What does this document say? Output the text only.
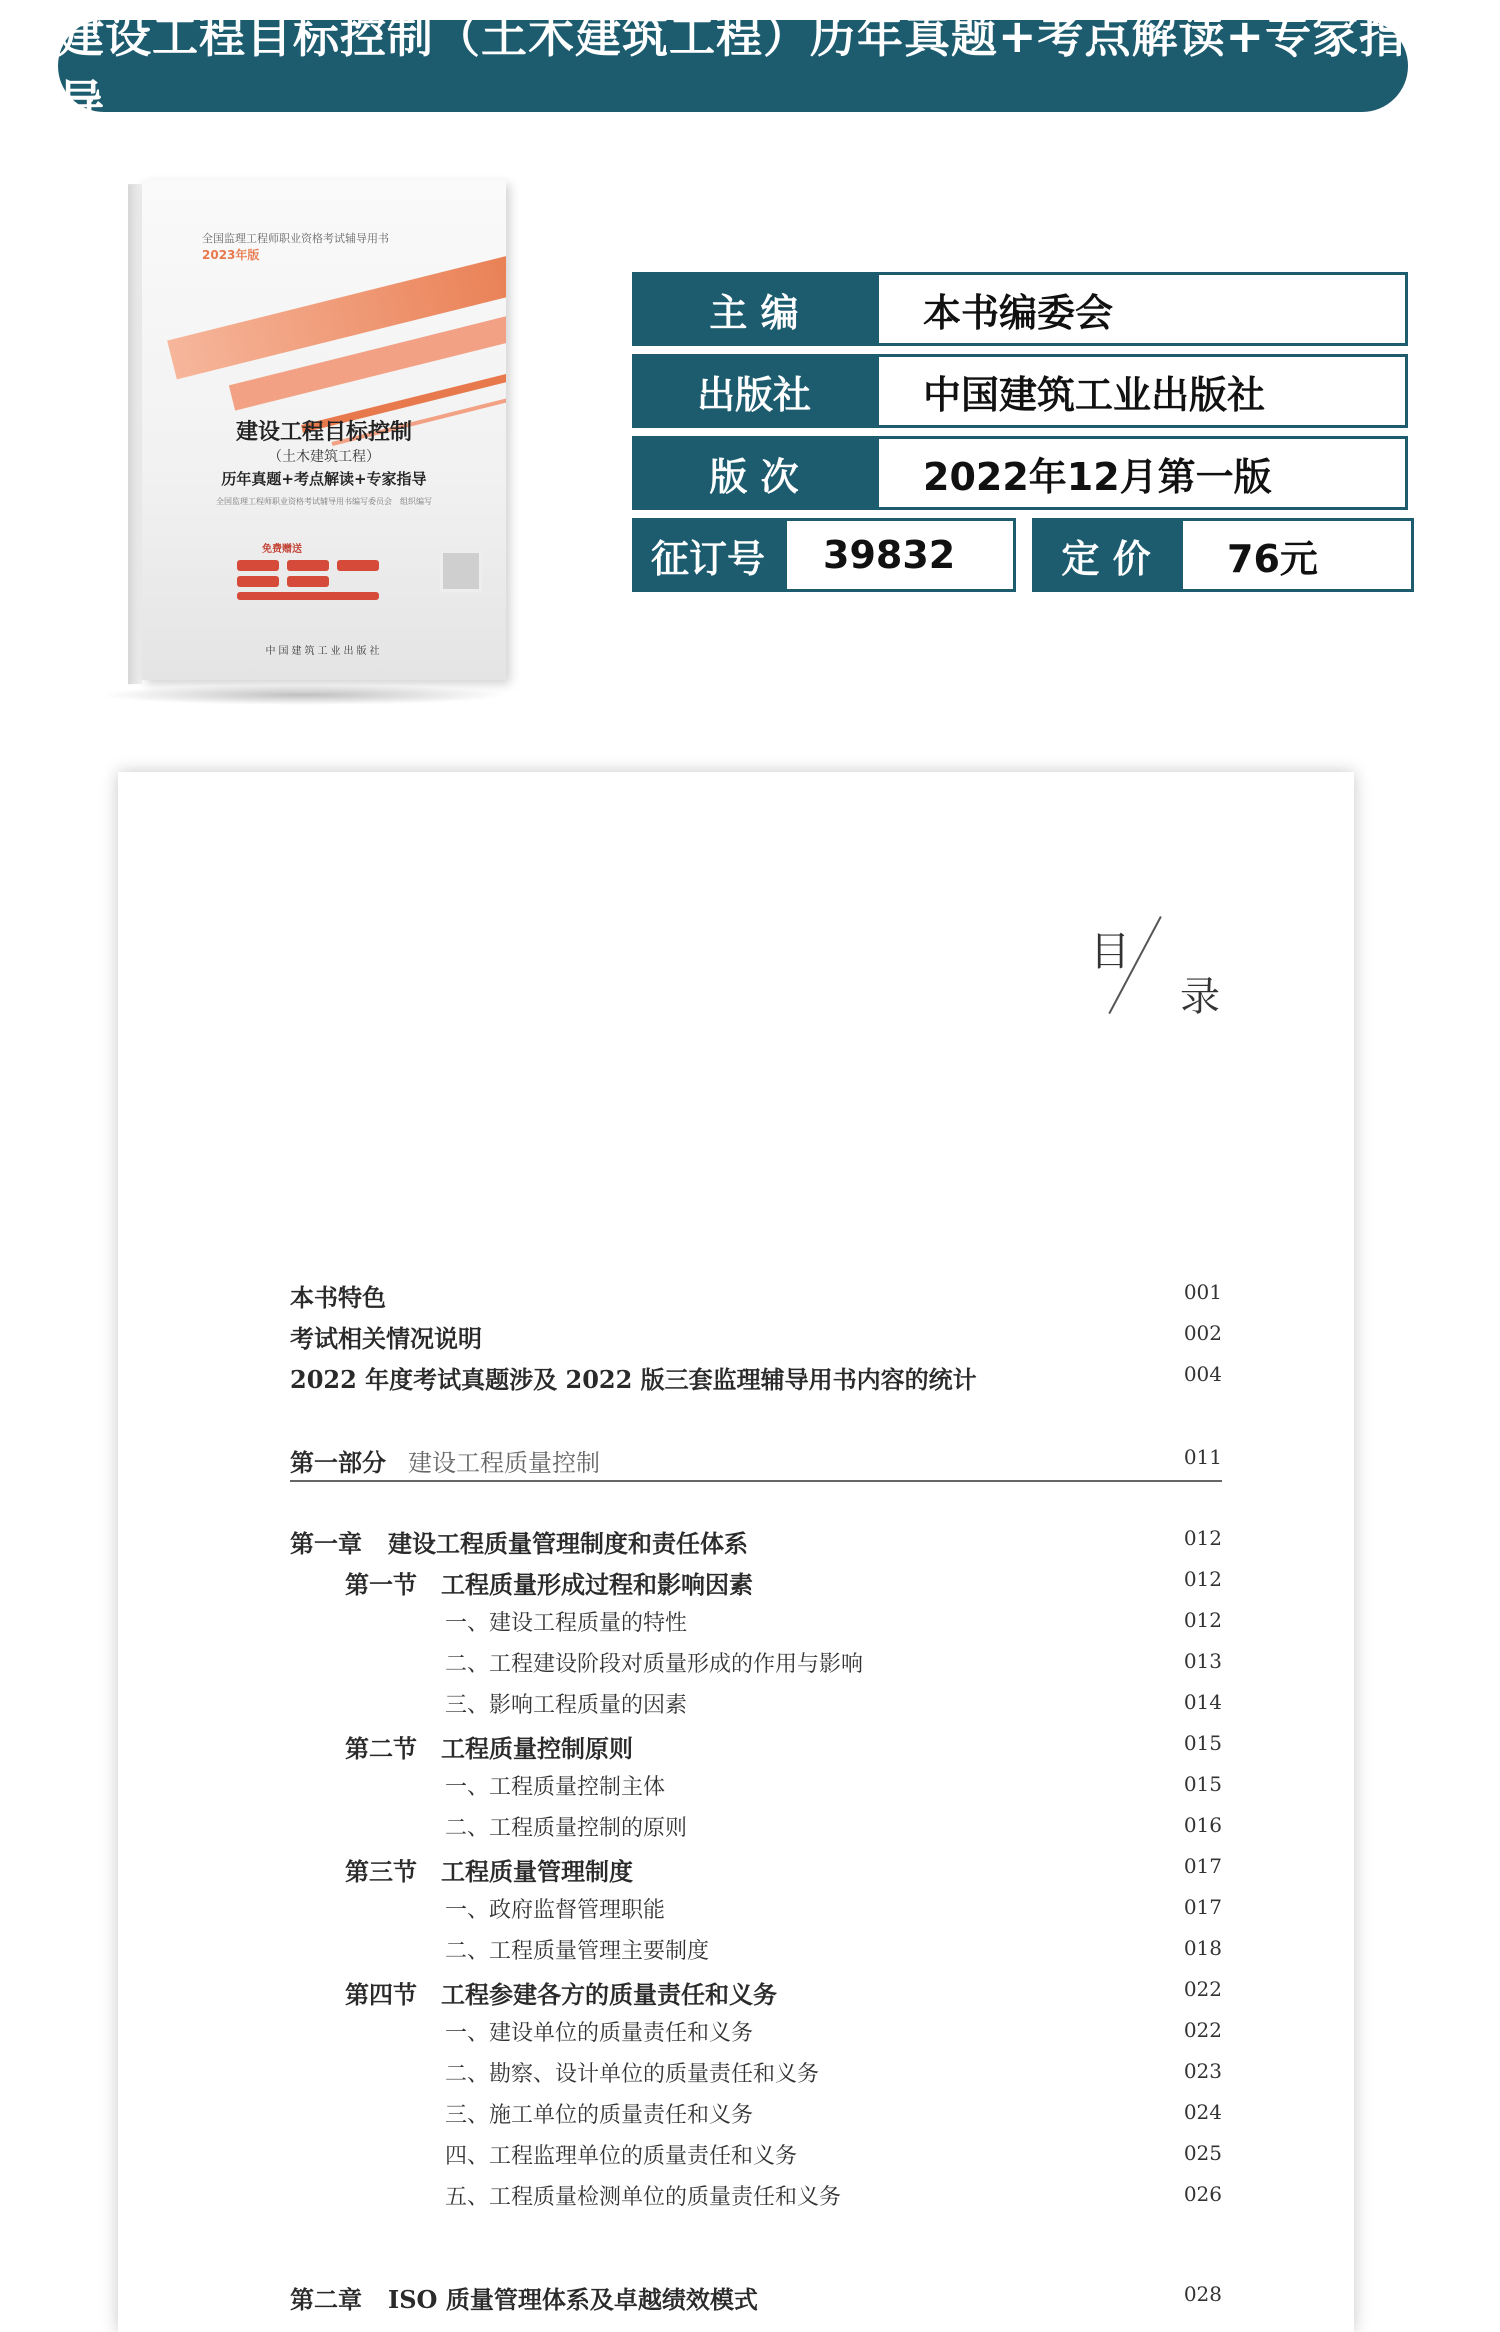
建设工程目标控制（土木建筑工程）历年真题+考点解读+专家指导
全国监理工程师职业资格考试辅导用书
2023年版
建设工程目标控制
（土木建筑工程）
历年真题+考点解读+专家指导
全国监理工程师职业资格考试辅导用书编写委员会　组织编写
免费赠送
中国建筑工业出版社
主 编	本书编委会
出版社	中国建筑工业出版社
版 次	2022年12月第一版
征订号	39832	定 价	76元
目
录
本书特色	001
考试相关情况说明	002
2022 年度考试真题涉及 2022 版三套监理辅导用书内容的统计	004
第一部分 建设工程质量控制	011
第一章 建设工程质量管理制度和责任体系	012
第一节　工程质量形成过程和影响因素	012
一、建设工程质量的特性	012
二、工程建设阶段对质量形成的作用与影响	013
三、影响工程质量的因素	014
第二节　工程质量控制原则	015
一、工程质量控制主体	015
二、工程质量控制的原则	016
第三节　工程质量管理制度	017
一、政府监督管理职能	017
二、工程质量管理主要制度	018
第四节　工程参建各方的质量责任和义务	022
一、建设单位的质量责任和义务	022
二、勘察、设计单位的质量责任和义务	023
三、施工单位的质量责任和义务	024
四、工程监理单位的质量责任和义务	025
五、工程质量检测单位的质量责任和义务	026
第二章 ISO 质量管理体系及卓越绩效模式	028
